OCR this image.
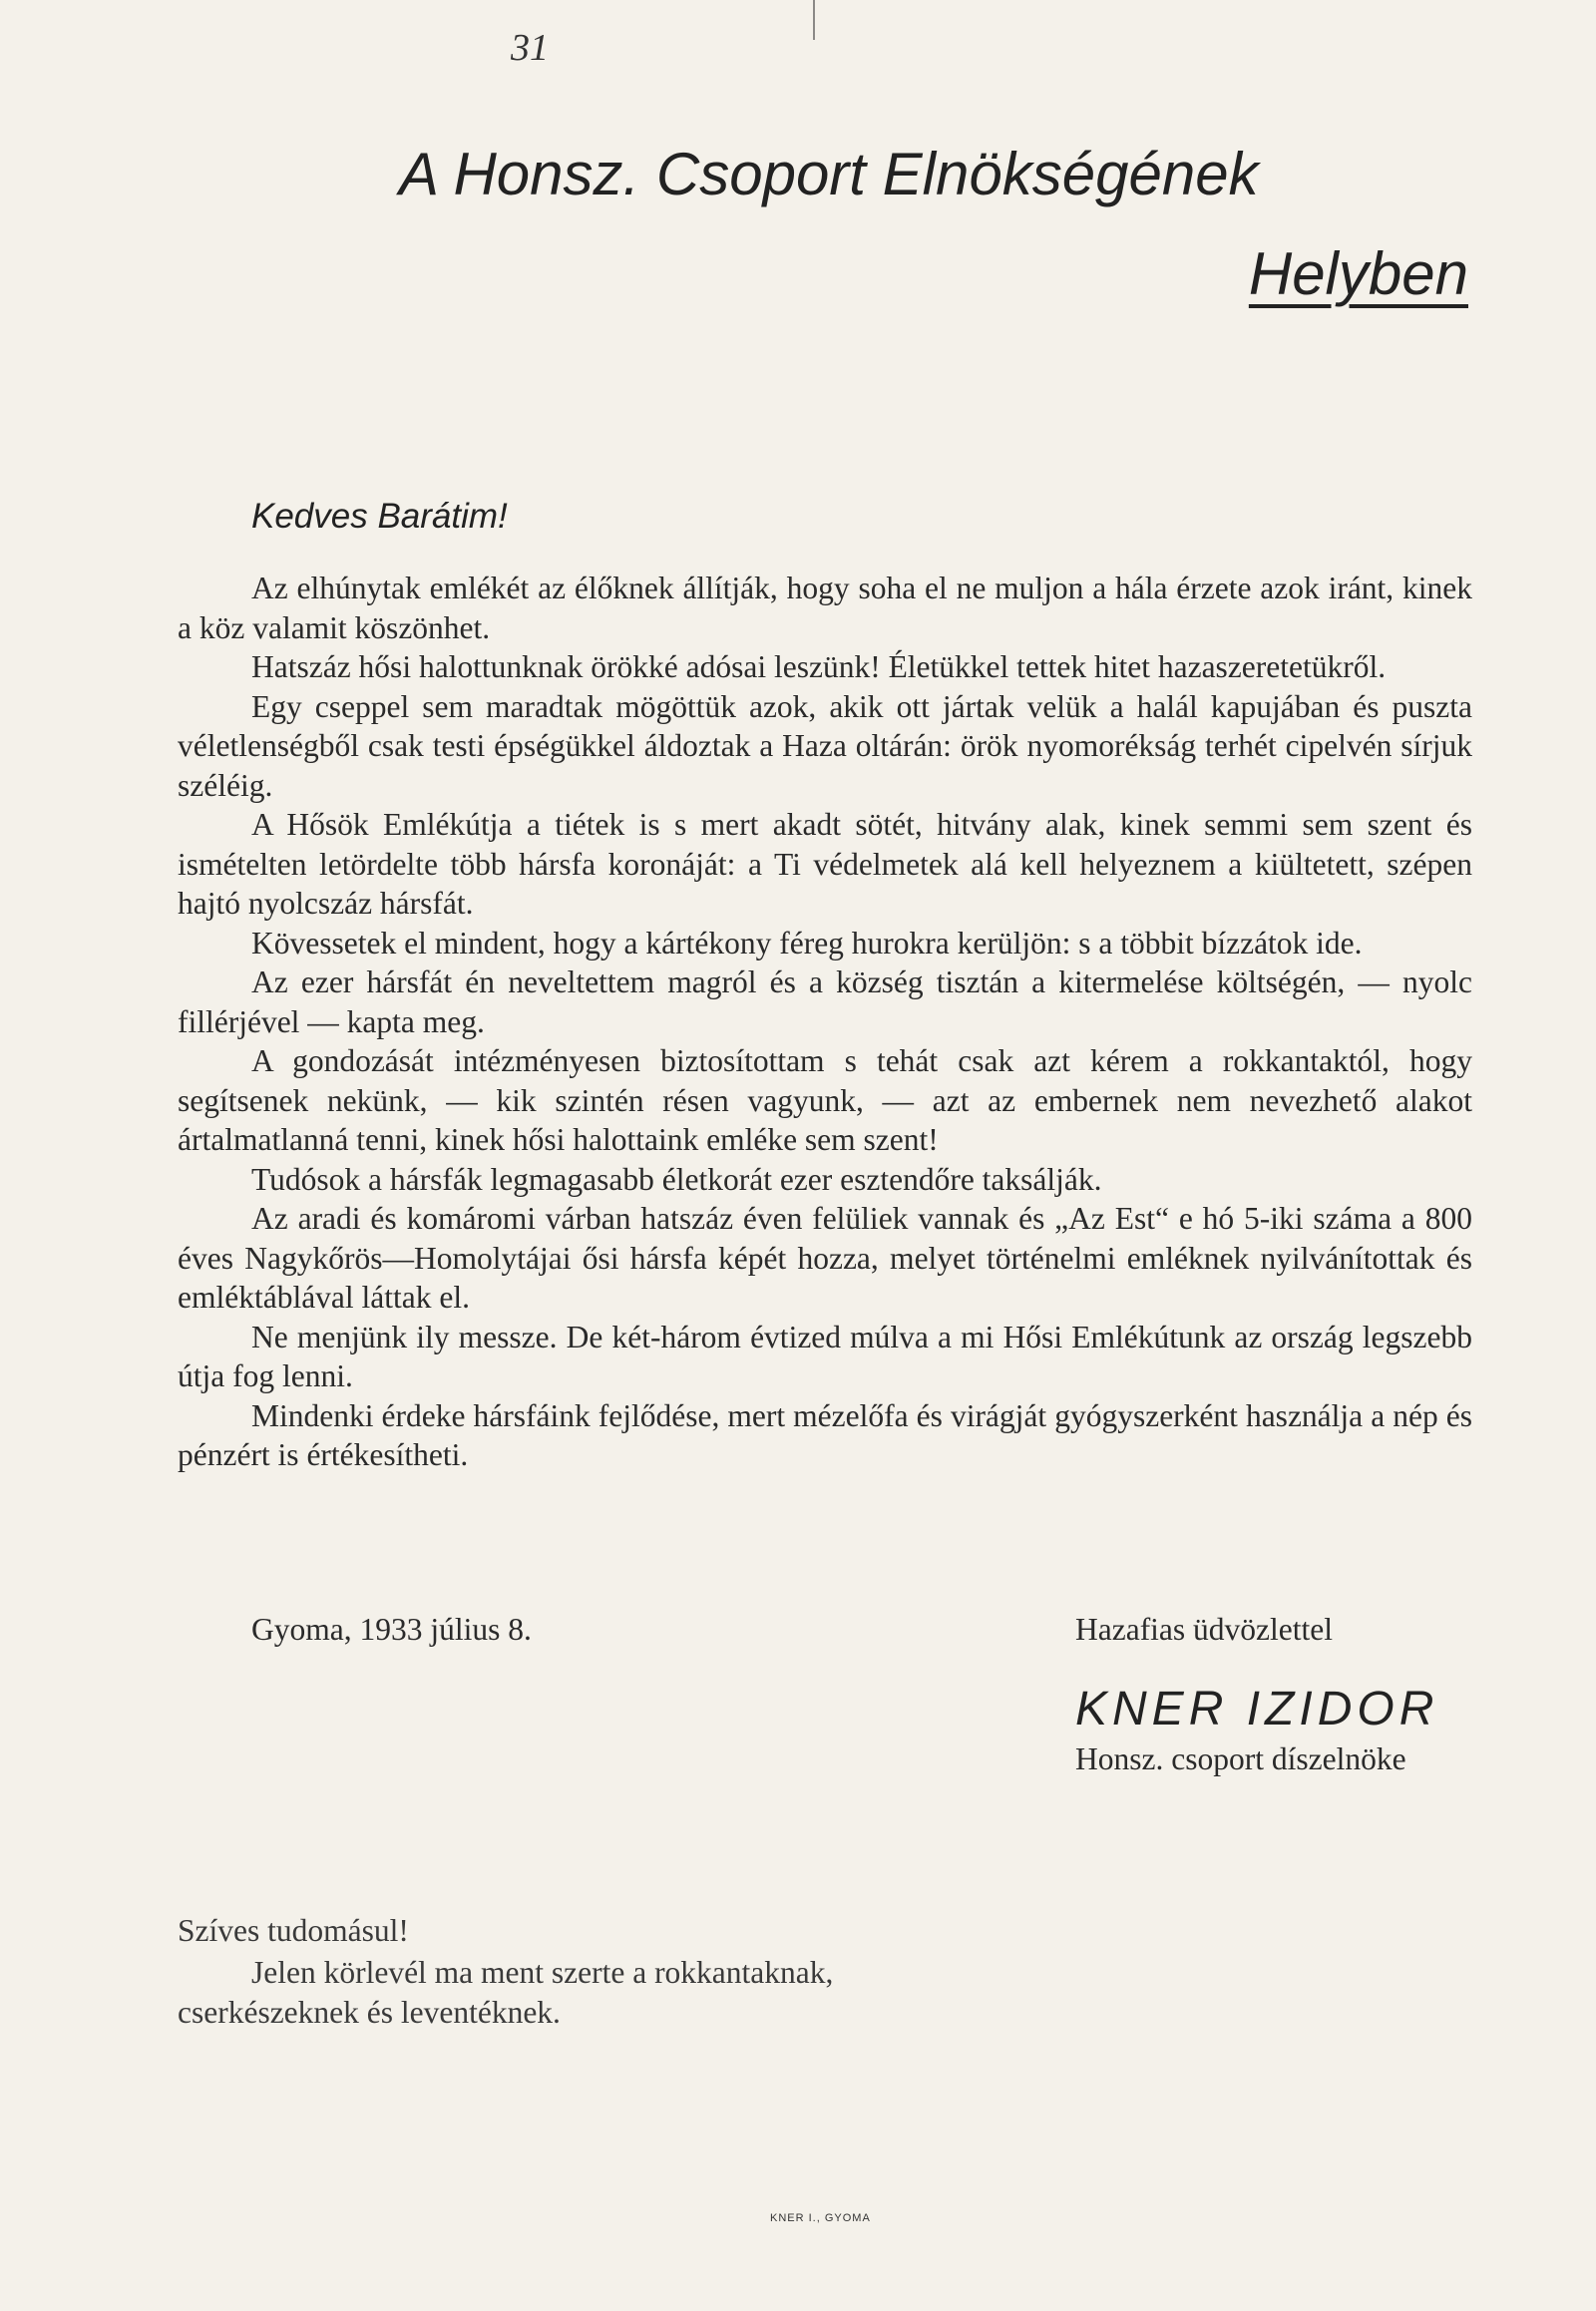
31
A Honsz. Csoport Elnökségének
Helyben
Kedves Barátim!

Az elhúnytak emlékét az élőknek állítják, hogy soha el ne muljon a hála érzete azok iránt, kinek a köz valamit köszönhet.

Hatszáz hősi halottunknak örökké adósai leszünk! Életükkel tettek hitet hazaszeretetükről.

Egy cseppel sem maradtak mögöttük azok, akik ott jártak velük a halál kapujában és puszta véletlenségből csak testi épségükkel áldoztak a Haza oltárán: örök nyomorékság terhét cipelvén sírjuk széléig.

A Hősök Emlékútja a tiétek is s mert akadt sötét, hitvány alak, kinek semmi sem szent és ismételten letördelte több hársfa koronáját: a Ti védelmetek alá kell helyeznem a kiültetett, szépen hajtó nyolcszáz hársfát.

Kövessetek el mindent, hogy a kártékony féreg hurokra kerüljön: s a többit bízzátok ide.

Az ezer hársfát én neveltettem magról és a község tisztán a kitermelése költségén, — nyolc fillérjével — kapta meg.

A gondozását intézményesen biztosítottam s tehát csak azt kérem a rokkantaktól, hogy segítsenek nekünk, — kik szintén résen vagyunk, — azt az embernek nem nevezhető alakot ártalmatlanná tenni, kinek hősi halottaink emléke sem szent!

Tudósok a hársfák legmagasabb életkorát ezer esztendőre taksálják.

Az aradi és komáromi várban hatszáz éven felüliek vannak és „Az Est“ e hó 5-iki száma a 800 éves Nagykőrös—Homolytájai ősi hársfa képét hozza, melyet történelmi emléknek nyilvánítottak és emléktáblával láttak el.

Ne menjünk ily messze. De két-három évtized múlva a mi Hősi Emlékútunk az ország legszebb útja fog lenni.

Mindenki érdeke hársfáink fejlődése, mert mézelőfa és virágját gyógyszerként használja a nép és pénzért is értékesítheti.

Gyoma, 1933 július 8.	Hazafias üdvözlettel
KNER IZIDOR
Honsz. csoport díszelnöke
Szíves tudomásul!

Jelen körlevél ma ment szerte a rokkantaknak, cserkészeknek és leventéknek.

KNER I., GYOMA
